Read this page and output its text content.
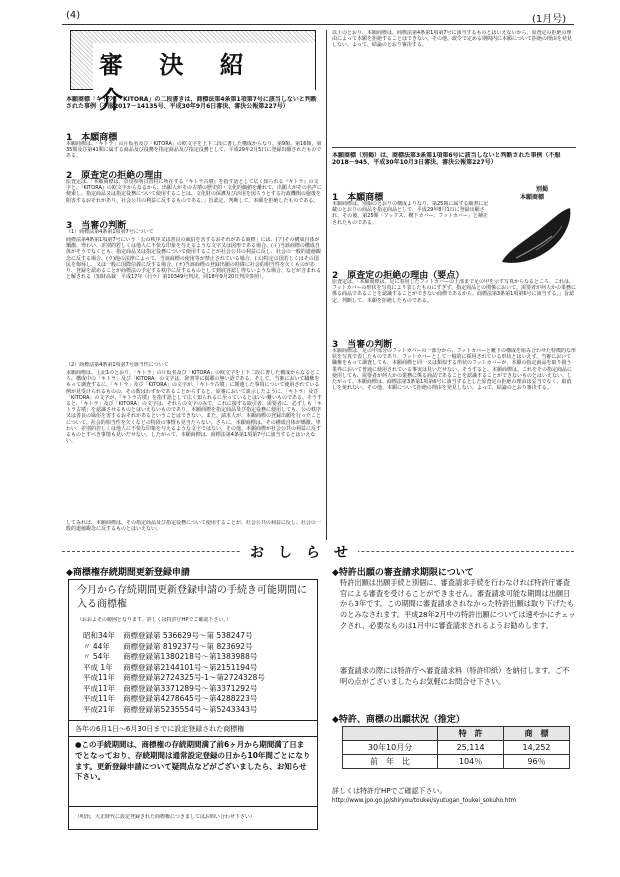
(4)	(1月号)
審 決 紹 介
本願商標「キトラ」「KITORA」の二段書きは、商標法第4条第1項第7号に該当しないと判断された事例（不服2017－14135号、平成30年9月6日審決、審決公報第227号）
1　本願商標
本願商標は、「キトラ」の片仮名及び「KITORA」の欧文字を上下二段に書した構成からなり、第9類、第16類、第35類及び第41類に属する商品及び役務を指定商品及び指定役務として、平成29年2月5日に登録出願されたものである。
2　原査定の拒絶の理由
原査定は、「本願商標は、奈良県明日香村に所在する『キトラ古墳』を指す語として広く知られる『キトラ』の文字と、『KITORA』の欧文字からなるから、出願人がその古墳の歴史的・文化的価値を離れて、出願人がその名声に便乗し、指定商品又は指定役務について使用することは、文化財の保護及び活用を図ろうとする行政機関の施策を阻害するおそれがあり、社会公共の利益に反するものである。」旨認定、判断して、本願を拒絶したものである。
3　当審の判断
（1）商標法第4条第1項第7号について
商標法第4条第1項第7号にいう「公の秩序又は善良の風俗を害するおそれがある商標」には、(ア)その構成自体が矯激、卑わい、差別的若しくは他人に不快な印象を与えるような文字又は図形である場合、(イ)当該商標の構成自体がそうでなくとも、指定商品又は指定役務について使用することが社会公共の利益に反し、社会の一般的道徳観念に反する場合、(ウ)他の法律によって、当該商標の使用等が禁止されている場合、(エ)特定の国若しくはその国民を侮辱し、又は一般に国際信義に反する場合、(オ)当該商標の登録出願の経緯に社会的相当性を欠くものがあり、登録を認めることが商標法の予定する秩序に反するものとして到底容認し得ないような場合、などが含まれると解される（知財高裁　平成17年（行ケ）第10349号判決、同18年9月20日判決参照）。
（2）商標法第4条第1項第7号該当性について
本願商標は、上記1のとおり、「キトラ」の片仮名及び「KITORA」の欧文字を上下二段に書した構成からなるところ、構成中の「キトラ」及び「KITORA」の文字は、辞書等に掲載の無い語である。そして、当審において職権をもって調査するに、「キトラ」及び「KITORA」の文字が、「キトラ古墳」に関連した事項について使用されている例が見受けられるものの、その数はわずかであることからすると、原審において説示したように、「キトラ」及び「KITORA」の文字が、『キトラ古墳』を指す語として広く知られるに至っているとはいい難いものである。そうすると、「キトラ」及び「KITORA」の文字は、それらの文字のみで、これに接する取引者、需要者に、必ずしも「キトラ古墳」を認識させるものとはいえないものであり、本願商標を指定商品及び指定役務に使用しても、公の秩序又は善良の風俗を害するおそれがあるということはできない。また、請求人が、本願商標の登録出願を行ったことについて、社会的相当性を欠くなどの特段の事情も見当たらない。さらに、本願商標は、その構成自体が矯激、卑わい、差別的若しくは他人に不快な印象を与えるような文字ではない。その他、本願商標が社会公共の利益に反するものとすべき事情も見いだせない。したがって、本願商標は、商標法第4条第1項第7号に該当するとはいえない。
してみれば、本願商標は、その指定商品及び指定役務について使用することが、社会公共の利益に反し、社会の一般的道徳観念に反するものとはいえない。
以上のとおり、本願商標は、商標法第4条第1項第7号に該当するものとはいえないから、原査定の拒絶の理由によって本願を拒絶することはできない。その他、政令で定める期間内に本願について拒絶の理由を発見しない。よって、結論のとおり審決する。
本願商標（別掲）は、商標法第3条第1項第6号に該当しないと判断された事例（不服2018－945、平成30年10月3日審決、審決公報第227号）
1　本願商標
本願商標は、別掲のとおりの構成よりなり、第25類に属する願書に記載のとおりの商品を指定商品として、平成29年8月1日に登録出願され、その後、第25類「ソックス、靴下カバー、フットカバー」と補正されたものである。
別掲
本願商標
2　原査定の拒絶の理由（要点）
原査定は、「本願商標は、足に着用したフットカバーの上部まで足の甲を示す写真からなるところ、これは、フットカバーの形状を写真により表したものにすぎず、指定商品との関係において、需要者が何人かの業務に係る商品であることを認識することができない商標であるから、商標法第3条第1項第6号に該当する。」旨認定、判断して、本願を拒絶したものである。
3　当審の判断
本願商標は、足の甲部分のフットカバーの一部分から、フットカバーと靴下の構成を組み合わせた特徴的な形状を写真で表したものであり、フットカバーとして一般的に採用されている形状とはいえず、当審において職権をもって調査しても、本願商標と同一又は類似する形状のフットカバーが、本願の指定商品を取り扱う業界において普通に使用されている事実は見いだせない。そうすると、本願商標は、これをその指定商品に使用しても、需要者が何人かの業務に係る商品であることを認識することができないものとはいえない。したがって、本願商標は、商標法第3条第1項第6号に該当するとした原査定の拒絶の理由は妥当でなく、取消しを免れない。その他、本願について拒絶の理由を発見しない。よって、結論のとおり審決する。
お　し　ら　せ
◆商標権存続期間更新登録申請
今月から存続期間更新登録申請の手続き可能期間に入る商標権
（おおよその範囲となります。詳しくは特許庁HPでご確認下さい。）
昭和34年	商標登録第 536629号～第 538247号
〃 44年	商標登録第 819237号～第 823692号
〃 54年	商標登録第1380218号～第1383988号
平成 1年	商標登録第2144101号～第2151194号
平成11年	商標登録第2724325号-1～第2724328号
平成11年	商標登録第3371289号～第3371292号
平成11年	商標登録第4278645号～第4288223号
平成21年	商標登録第5235554号～第5243343号
各年の6月1日～6月30日までに設定登録された商標権
●この手続期間は、商標権の存続期間満了前6ヶ月から期間満了日までとなっており、存続期間は通常設定登録の日から10年間ごとになります。更新登録申請について疑問点などがございましたら、お知らせ下さい。
（明治、大正時代に設定登録された商標権につきましてはお問い合わせ下さい）
◆特許出願の審査請求期限について
特許出願は出願手続と別個に、審査請求手続を行わなければ特許庁審査官による審査を受けることができません。審査請求可能な期間は出願日から3年です。この期間に審査請求されなかった特許出願は取り下げたものとみなされます。平成28年2月中の特許出願については速やかにチェックされ、必要なものは1月中に審査請求されるようお勧めします。
審査請求の際には特許庁へ審査請求料（特許印紙）を納付します。ご不明の点がございましたらお気軽にお問合せ下さい。
◆特許、商標の出願状況（推定）
	特　許	商　標
30年10月分	25,114	14,252
前　年　比	104％	96％
詳しくは特許庁HPでご確認下さい。
http://www.jpo.go.jp/shiryou/toukei/syutugan_toukei_sokuho.htm
